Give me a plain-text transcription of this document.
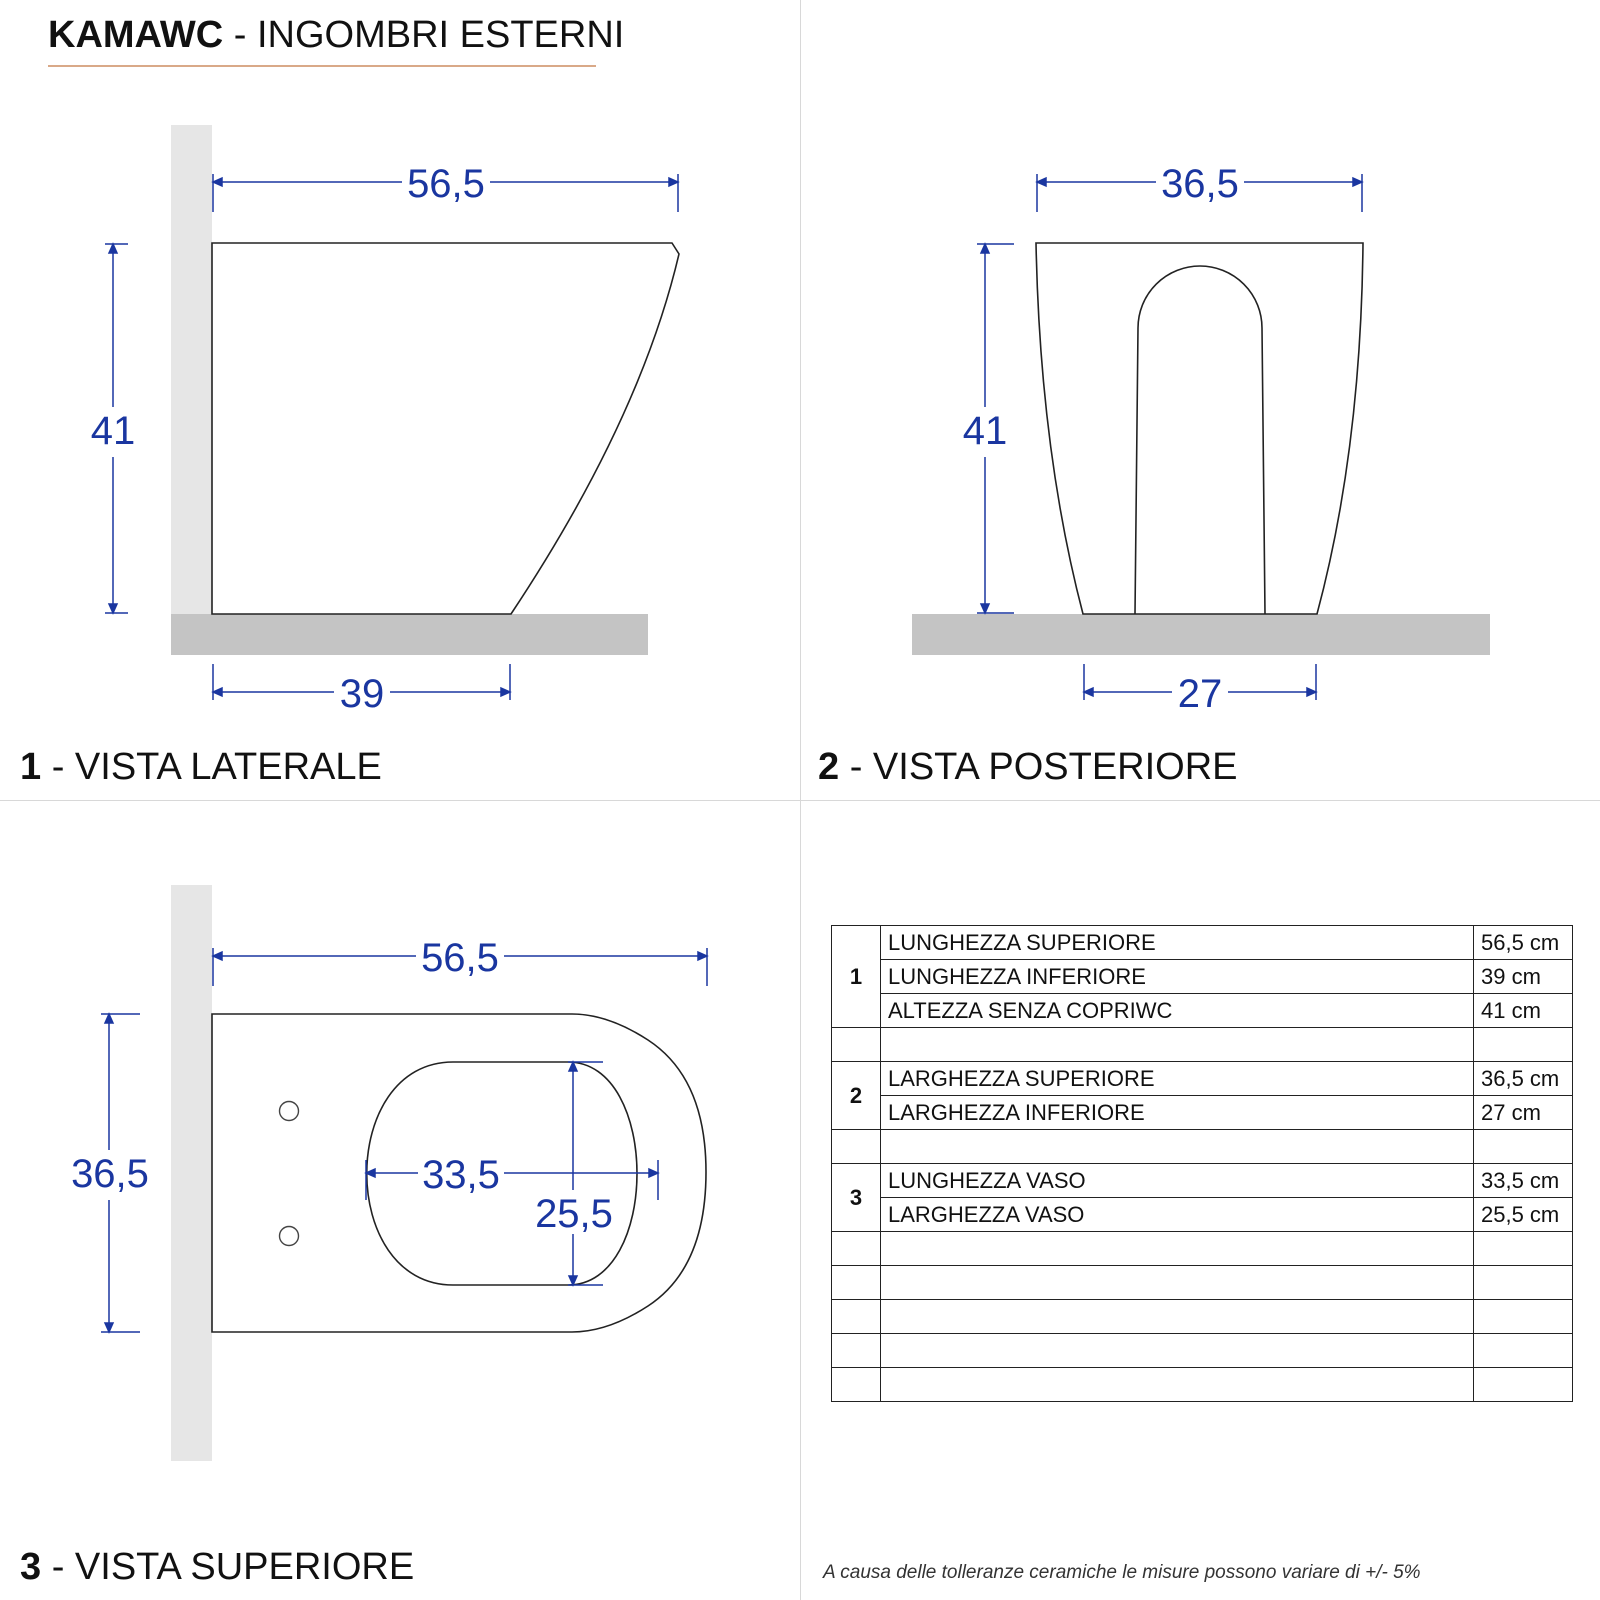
KAMAWC - INGOMBRI ESTERNI
56,5
41
39
36,5
41
27
56,5
36,5	33,5
25,5
1 - VISTA LATERALE	2 - VISTA POSTERIORE
3 - VISTA SUPERIORE
1	LUNGHEZZA SUPERIORE	56,5 cm
	LUNGHEZZA INFERIORE	39 cm
	ALTEZZA SENZA COPRIWC	41 cm

2	LARGHEZZA SUPERIORE	36,5 cm
	LARGHEZZA INFERIORE	27 cm

3	LUNGHEZZA VASO	33,5 cm
	LARGHEZZA VASO	25,5 cm

A causa delle tolleranze ceramiche le misure possono variare di +/- 5%
